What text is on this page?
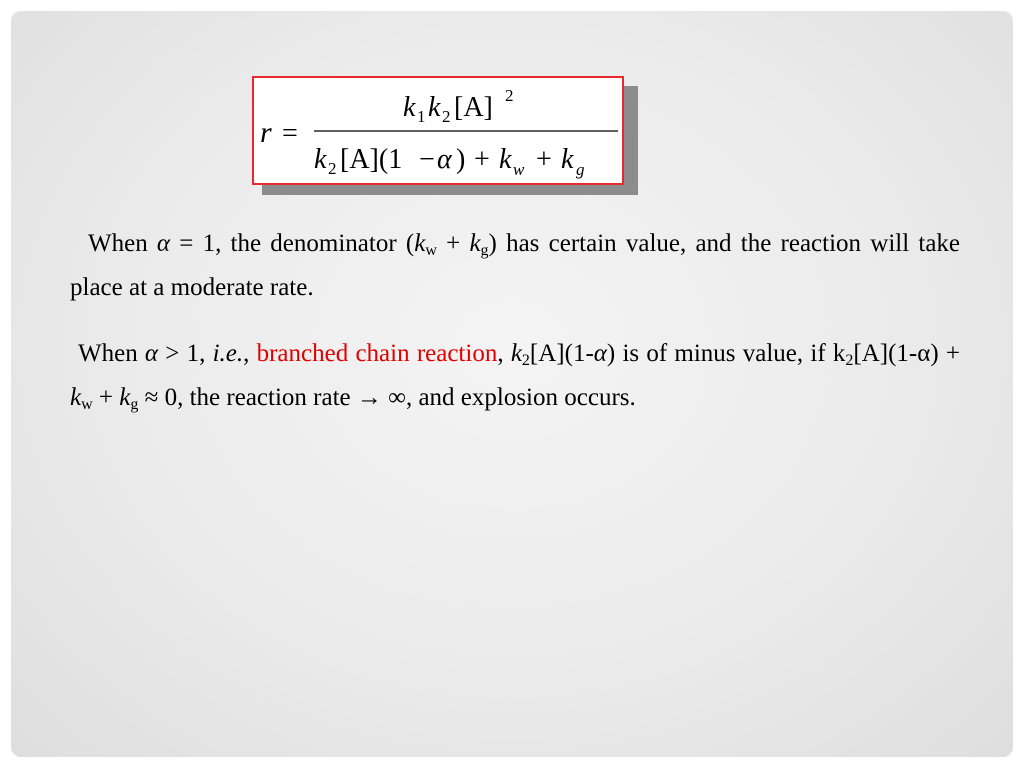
r =
k 1 k 2 [A] 2
k 2 [A](1 − α ) + k w + k g

When α = 1, the denominator $(k_w + k_g)$ has certain value, and the reaction will take place at a moderate rate.

When α > 1, i.e., branched chain reaction, $k_2[A](1-\alpha)$ is of minus value, if $k_2[A](1-\alpha) + k_w + k_g \approx 0$, the reaction rate → ∞, and explosion occurs.
